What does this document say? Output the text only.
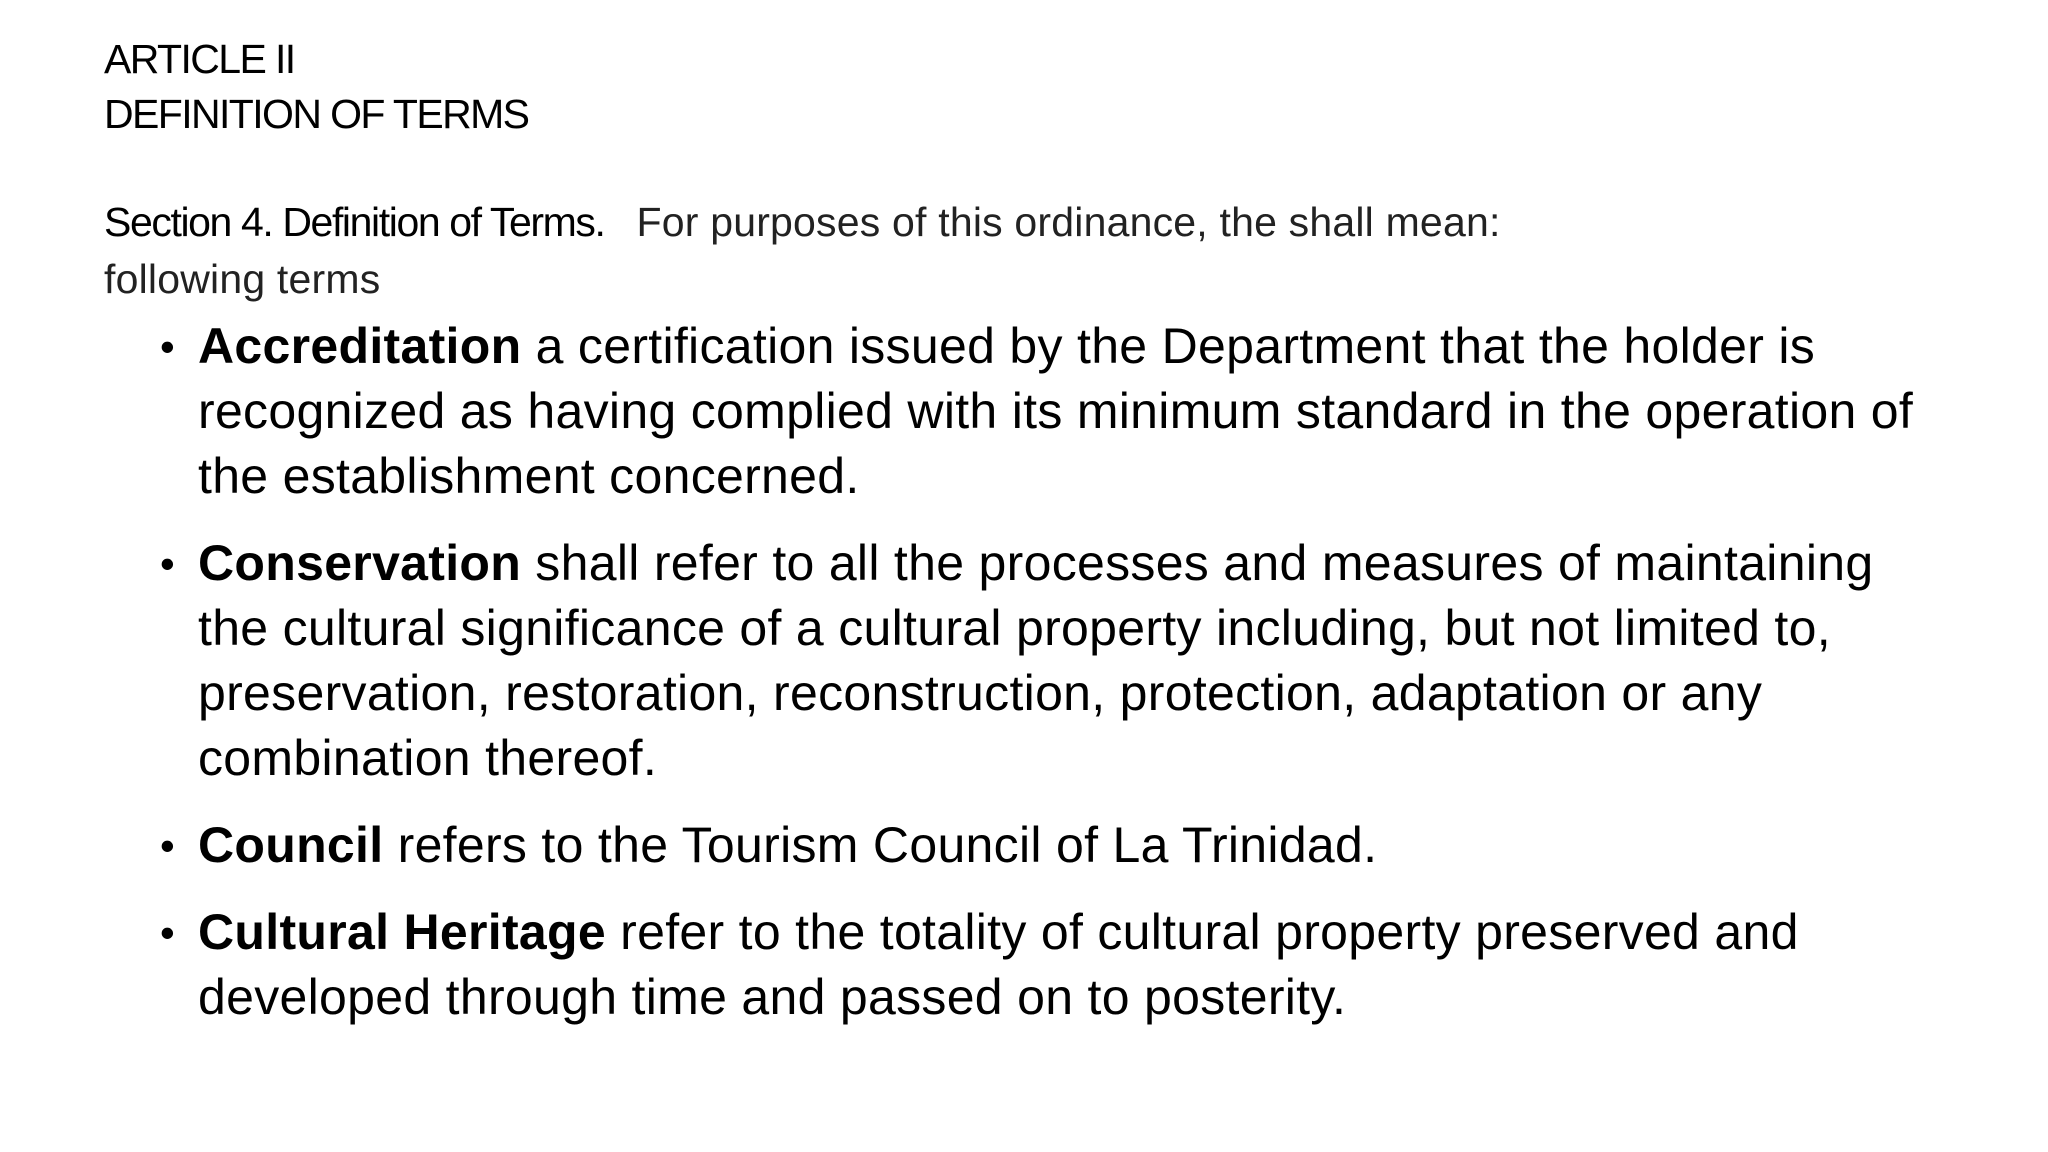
ARTICLE II
DEFINITION OF TERMS
Section 4. Definition of Terms. For purposes of this ordinance, the shall mean:
following terms
• Accreditation a certification issued by the Department that the holder is recognized as having complied with its minimum standard in the operation of the establishment concerned.
• Conservation shall refer to all the processes and measures of maintaining the cultural significance of a cultural property including, but not limited to, preservation, restoration, reconstruction, protection, adaptation or any combination thereof.
• Council refers to the Tourism Council of La Trinidad.
• Cultural Heritage refer to the totality of cultural property preserved and developed through time and passed on to posterity.
